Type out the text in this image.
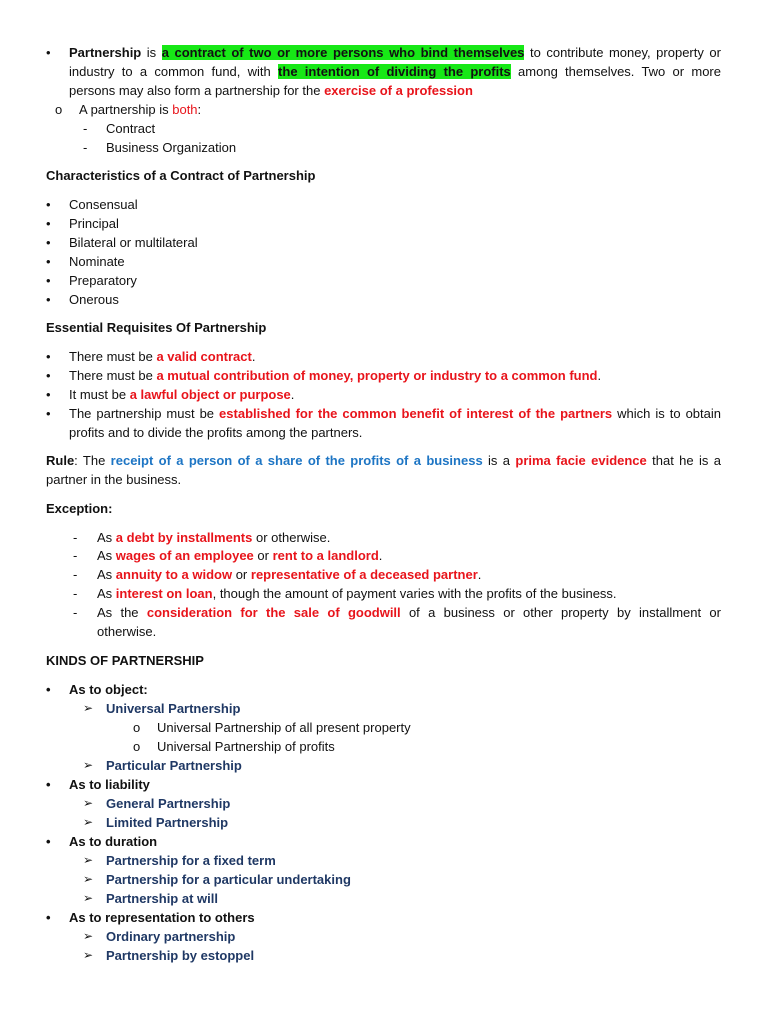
• Partnership is a contract of two or more persons who bind themselves to contribute money, property or
industry to a common fund, with the intention of dividing the profits among themselves. Two or more
persons may also form a partnership for the exercise of a profession
o A partnership is both:
- Contract
- Business Organization
Characteristics of a Contract of Partnership
• Consensual
• Principal
• Bilateral or multilateral
• Nominate
• Preparatory
• Onerous
Essential Requisites Of Partnership
• There must be a valid contract.
• There must be a mutual contribution of money, property or industry to a common fund.
• It must be a lawful object or purpose.
• The partnership must be established for the common benefit of interest of the partners which is to obtain
profits and to divide the profits among the partners.
Rule: The receipt of a person of a share of the profits of a business is a prima facie evidence that he is a
partner in the business.
Exception:
- As a debt by installments or otherwise.
- As wages of an employee or rent to a landlord.
- As annuity to a widow or representative of a deceased partner.
- As interest on loan, though the amount of payment varies with the profits of the business.
- As the consideration for the sale of goodwill of a business or other property by installment or
otherwise.
KINDS OF PARTNERSHIP
• As to object:
➢ Universal Partnership
o Universal Partnership of all present property
o Universal Partnership of profits
➢ Particular Partnership
• As to liability
➢ General Partnership
➢ Limited Partnership
• As to duration
➢ Partnership for a fixed term
➢ Partnership for a particular undertaking
➢ Partnership at will
• As to representation to others
➢ Ordinary partnership
➢ Partnership by estoppel
